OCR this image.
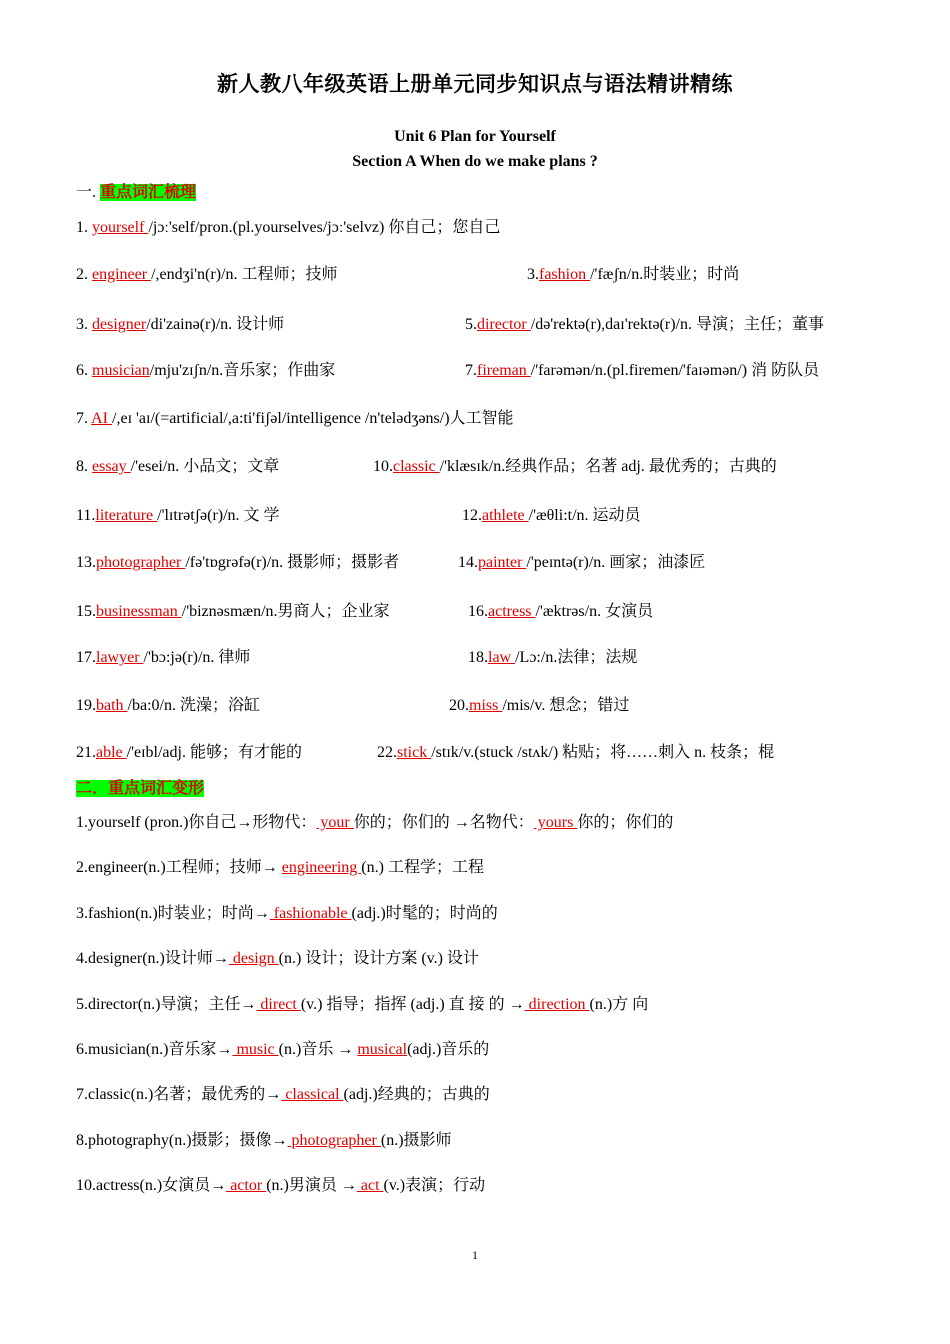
新人教八年级英语上册单元同步知识点与语法精讲精练
Unit 6 Plan for Yourself
Section A When do we make plans ?
一. 重点词汇梳理
1. yourself /jɔː'self/pron.(pl.yourselves/jɔː'selvz) 你自己；您自己
2. engineer /,endʒi'n(r)/n. 工程师；技师	3.fashion /'fæʃn/n.时装业；时尚
3. designer/di'zainə(r)/n. 设计师	5.director /də'rektə(r),daɪ'rektə(r)/n. 导演；主任；董事
6. musician/mju'zɪʃn/n.音乐家；作曲家	7.fireman /'farəmən/n.(pl.firemen/'faɪəmən/) 消 防队员
7. AI /,eɪ 'aɪ/(=artificial/,a:ti'fiʃəl/intelligence /n'telədʒəns/)人工智能
8. essay /'esei/n. 小品文；文章	10.classic /'klæsɪk/n.经典作品；名著 adj. 最优秀的；古典的
11.literature /'lɪtrətʃə(r)/n. 文 学	12.athlete /'æθli:t/n. 运动员
13.photographer /fə'tɒgrəfə(r)/n. 摄影师；摄影者	14.painter /'peɪntə(r)/n. 画家；油漆匠
15.businessman /'biznəsmæn/n.男商人；企业家	16.actress /'æktrəs/n. 女演员
17.lawyer /'bɔ:jə(r)/n. 律师	18.law /Lɔ:/n.法律；法规
19.bath /ba:0/n. 洗澡；浴缸	20.miss /mis/v. 想念；错过
21.able /'eɪbl/adj. 能够；有才能的	22.stick /stɪk/v.(stuck /stʌk/) 粘贴；将……刺入 n. 枝条；棍
二．重点词汇变形
1.yourself (pron.)你自己→形物代： your 你的；你们的 →名物代： yours 你的；你们的
2.engineer(n.)工程师；技师→ engineering (n.) 工程学；工程
3.fashion(n.)时装业；时尚→ fashionable (adj.)时髦的；时尚的
4.designer(n.)设计师→ design (n.) 设计；设计方案 (v.) 设计
5.director(n.)导演；主任→ direct (v.) 指导；指挥 (adj.) 直 接 的 → direction (n.)方 向
6.musician(n.)音乐家→ music (n.)音乐 → musical(adj.)音乐的
7.classic(n.)名著；最优秀的→ classical (adj.)经典的；古典的
8.photography(n.)摄影；摄像→ photographer (n.)摄影师
10.actress(n.)女演员→ actor (n.)男演员 → act (v.)表演；行动
1
